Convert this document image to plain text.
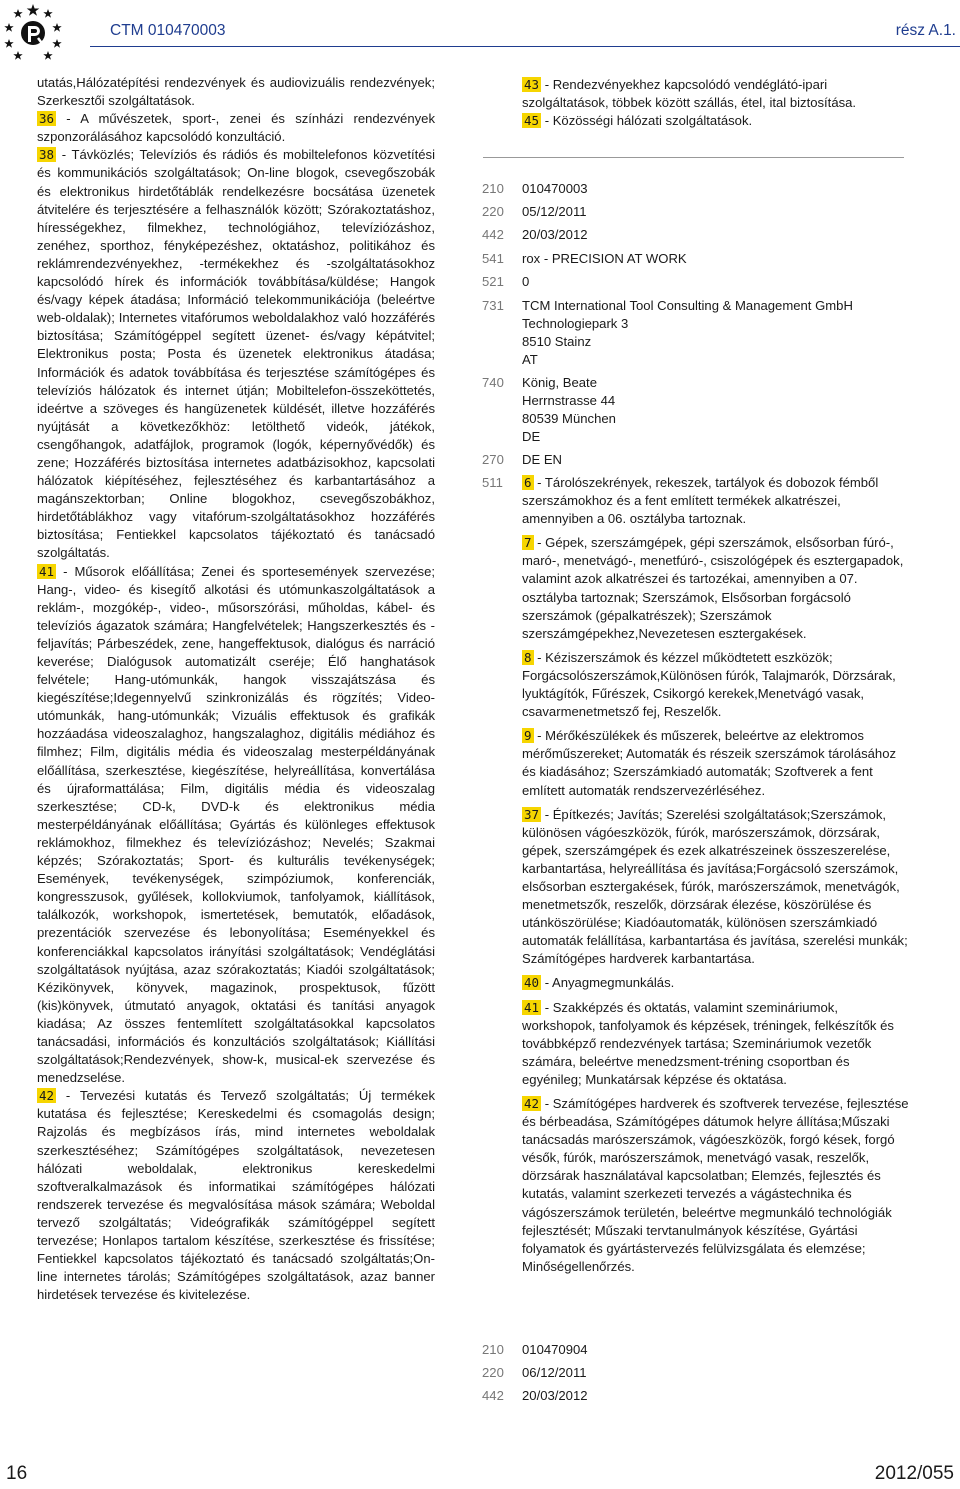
CTM 010470003	rész A.1.

utatás,Hálózatépítési rendezvények és audiovizuális rendezvények; Szerkesztői szolgáltatások.

36 - A művészetek, sport-, zenei és színházi rendezvények szponzorálásához kapcsolódó konzultáció.

38 - Távközlés; Televíziós és rádiós és mobiltelefonos közvetítési és kommunikációs szolgáltatások; On-line blogok, csevegőszobák és elektronikus hirdetőtáblák rendelkezésre bocsátása üzenetek átvitelére és terjesztésére a felhasználók között; Szórakoztatáshoz, hírességekhez, filmekhez, technológiához, televíziózáshoz, zenéhez, sporthoz, fényképezéshez, oktatáshoz, politikához és reklámrendezvényekhez, -termékekhez és -szolgáltatásokhoz kapcsolódó hírek és információk továbbítása/küldése; Hangok és/vagy képek átadása; Információ telekommunikációja (beleértve web-oldalak); Internetes vitafórumos weboldalakhoz való hozzáférés biztosítása; Számítógéppel segített üzenet- és/vagy képátvitel; Elektronikus posta; Posta és üzenetek elektronikus átadása; Információk és adatok továbbítása és terjesztése számítógépes és televíziós hálózatok és internet útján; Mobiltelefon-összeköttetés, ideértve a szöveges és hangüzenetek küldését, illetve hozzáférés nyújtását a következőkhöz: letölthető videók, játékok, csengőhangok, adatfájlok, programok (logók, képernyővédők) és zene; Hozzáférés biztosítása internetes adatbázisokhoz, kapcsolati hálózatok kiépítéséhez, fejlesztéséhez és karbantartásához a magánszektorban; Online blogokhoz, csevegőszobákhoz, hirdetőtáblákhoz vagy vitafórum-szolgáltatásokhoz hozzáférés biztosítása; Fentiekkel kapcsolatos tájékoztató és tanácsadó szolgáltatás.

41 - Műsorok előállítása; Zenei és sportesemények szervezése; Hang-, video- és kisegítő alkotási és utómunkaszolgáltatások a reklám-, mozgókép-, video-, műsorszórási, műholdas, kábel- és televíziós ágazatok számára; Hangfelvételek; Hangszerkesztés és -feljavítás; Párbeszédek, zene, hangeffektusok, dialógus és narráció keverése; Dialógusok automatizált cseréje; Élő hanghatások felvétele; Hang-utómunkák, hangok visszajátszása és kiegészítése;Idegennyelvű szinkronizálás és rögzítés; Video-utómunkák, hang-utómunkák; Vizuális effektusok és grafikák hozzáadása videoszalaghoz, hangszalaghoz, digitális médiához és filmhez; Film, digitális média és videoszalag mesterpéldányának előállítása, szerkesztése, kiegészítése, helyreállítása, konvertálása és újraformattálása; Film, digitális média és videoszalag szerkesztése; CD-k, DVD-k és elektronikus média mesterpéldányának előállítása; Gyártás és különleges effektusok reklámokhoz, filmekhez és televíziózáshoz; Nevelés; Szakmai képzés; Szórakoztatás; Sport- és kulturális tevékenységek; Események, tevékenységek, szimpóziumok, konferenciák, kongresszusok, gyűlések, kollokviumok, tanfolyamok, kiállítások, találkozók, workshopok, ismertetések, bemutatók, előadások, prezentációk szervezése és lebonyolítása; Eseményekkel és konferenciákkal kapcsolatos irányítási szolgáltatások; Vendéglátási szolgáltatások nyújtása, azaz szórakoztatás; Kiadói szolgáltatások; Kézikönyvek, könyvek, magazinok, prospektusok, fűzött (kis)könyvek, útmutató anyagok, oktatási és tanítási anyagok kiadása; Az összes fentemlített szolgáltatásokkal kapcsolatos tanácsadási, információs és konzultációs szolgáltatások; Kiállítási szolgáltatások;Rendezvények, show-k, musical-ek szervezése és menedzselése.

42 - Tervezési kutatás és Tervező szolgáltatás; Új termékek kutatása és fejlesztése; Kereskedelmi és csomagolás design; Rajzolás és megbízásos írás, mind internetes weboldalak szerkesztéséhez; Számítógépes szolgáltatások, nevezetesen hálózati weboldalak, elektronikus kereskedelmi szoftveralkalmazások és informatikai számítógépes hálózati rendszerek tervezése és megvalósítása mások számára; Weboldal tervező szolgáltatás; Videógrafikák számítógéppel segített tervezése; Honlapos tartalom készítése, szerkesztése és frissítése; Fentiekkel kapcsolatos tájékoztató és tanácsadó szolgáltatás;On-line internetes tárolás; Számítógépes szolgáltatások, azaz banner hirdetések tervezése és kivitelezése.

43 - Rendezvényekhez kapcsolódó vendéglátó-ipari szolgáltatások, többek között szállás, étel, ital biztosítása.

45 - Közösségi hálózati szolgáltatások.

210	010470003
220	05/12/2011
442	20/03/2012
541	rox - PRECISION AT WORK
521	0
731	TCM International Tool Consulting & Management GmbH
Technologiepark 3
8510 Stainz
AT
740	König, Beate
Herrnstrasse 44
80539 München
DE
270	DE EN
511	6 - Tárolószekrények, rekeszek, tartályok és dobozok fémből szerszámokhoz és a fent említett termékek alkatrészei, amennyiben a 06. osztályba tartoznak.
7 - Gépek, szerszámgépek, gépi szerszámok, elsősorban fúró-, maró-, menetvágó-, menetfúró-, csiszológépek és esztergapadok, valamint azok alkatrészei és tartozékai, amennyiben a 07. osztályba tartoznak; Szerszámok, Elsősorban forgácsoló szerszámok (gépalkatrészek); Szerszámok szerszámgépekhez,Nevezetesen esztergakések.
8 - Kéziszerszámok és kézzel működtetett eszközök; Forgácsolószerszámok,Különösen fúrók, Talajmarók, Dörzsárak, lyuktágítók, Fűrészek, Csikorgó kerekek,Menetvágó vasak, csavarmenetmetsző fej, Reszelők.
9 - Mérőkészülékek és műszerek, beleértve az elektromos mérőműszereket; Automaták és részeik szerszámok tárolásához és kiadásához; Szerszámkiadó automaták; Szoftverek a fent említett automaták rendszervezérléséhez.
37 - Építkezés; Javítás; Szerelési szolgáltatások;Szerszámok, különösen vágóeszközök, fúrók, marószerszámok, dörzsárak, gépek, szerszámgépek és ezek alkatrészeinek összeszerelése, karbantartása, helyreállítása és javítása;Forgácsoló szerszámok, elsősorban esztergakések, fúrók, marószerszámok, menetvágók, menetmetszők, reszelők, dörzsárak élezése, köszörülése és utánköszörülése; Kiadóautomaták, különösen szerszámkiadó automaták felállítása, karbantartása és javítása, szerelési munkák; Számítógépes hardverek karbantartása.
40 - Anyagmegmunkálás.
41 - Szakképzés és oktatás, valamint szemináriumok, workshopok, tanfolyamok és képzések, tréningek, felkészítők és továbbképző rendezvények tartása; Szemináriumok vezetők számára, beleértve menedzsment-tréning csoportban és egyénileg; Munkatársak képzése és oktatása.
42 - Számítógépes hardverek és szoftverek tervezése, fejlesztése és bérbeadása, Számítógépes dátumok helyre állítása;Műszaki tanácsadás marószerszámok, vágóeszközök, forgó kések, forgó vésők, fúrók, marószerszámok, menetvágó vasak, reszelők, dörzsárak használatával kapcsolatban; Elemzés, fejlesztés és kutatás, valamint szerkezeti tervezés a vágástechnika és vágószerszámok területén, beleértve megmunkáló technológiák fejlesztését; Műszaki tervtanulmányok készítése, Gyártási folyamatok és gyártástervezés felülvizsgálata és elemzése; Minőségellenőrzés.
210	010470904
220	06/12/2011
442	20/03/2012
16	2012/055
